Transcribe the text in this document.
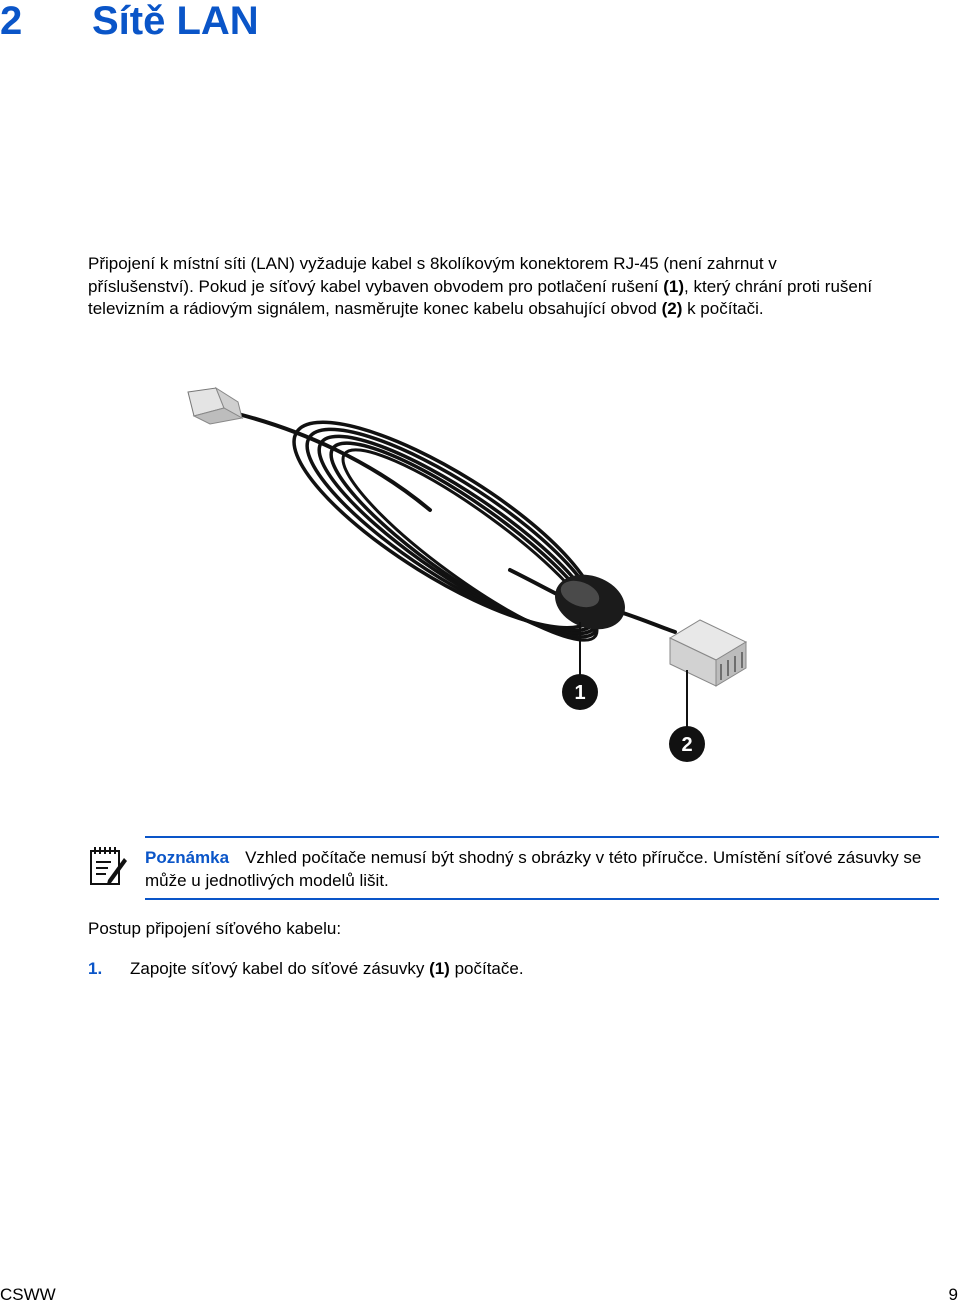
2 Sítě LAN
Připojení k místní síti (LAN) vyžaduje kabel s 8kolíkovým konektorem RJ-45 (není zahrnut v
příslušenství). Pokud je síťový kabel vybaven obvodem pro potlačení rušení (1), který chrání proti rušení
televizním a rádiovým signálem, nasměrujte konec kabelu obsahující obvod (2) k počítači.
1
2
Poznámka Vzhled počítače nemusí být shodný s obrázky v této příručce. Umístění síťové zásuvky se může u jednotlivých modelů lišit.
Postup připojení síťového kabelu:
1. Zapojte síťový kabel do síťové zásuvky (1) počítače.
CSWW	9
